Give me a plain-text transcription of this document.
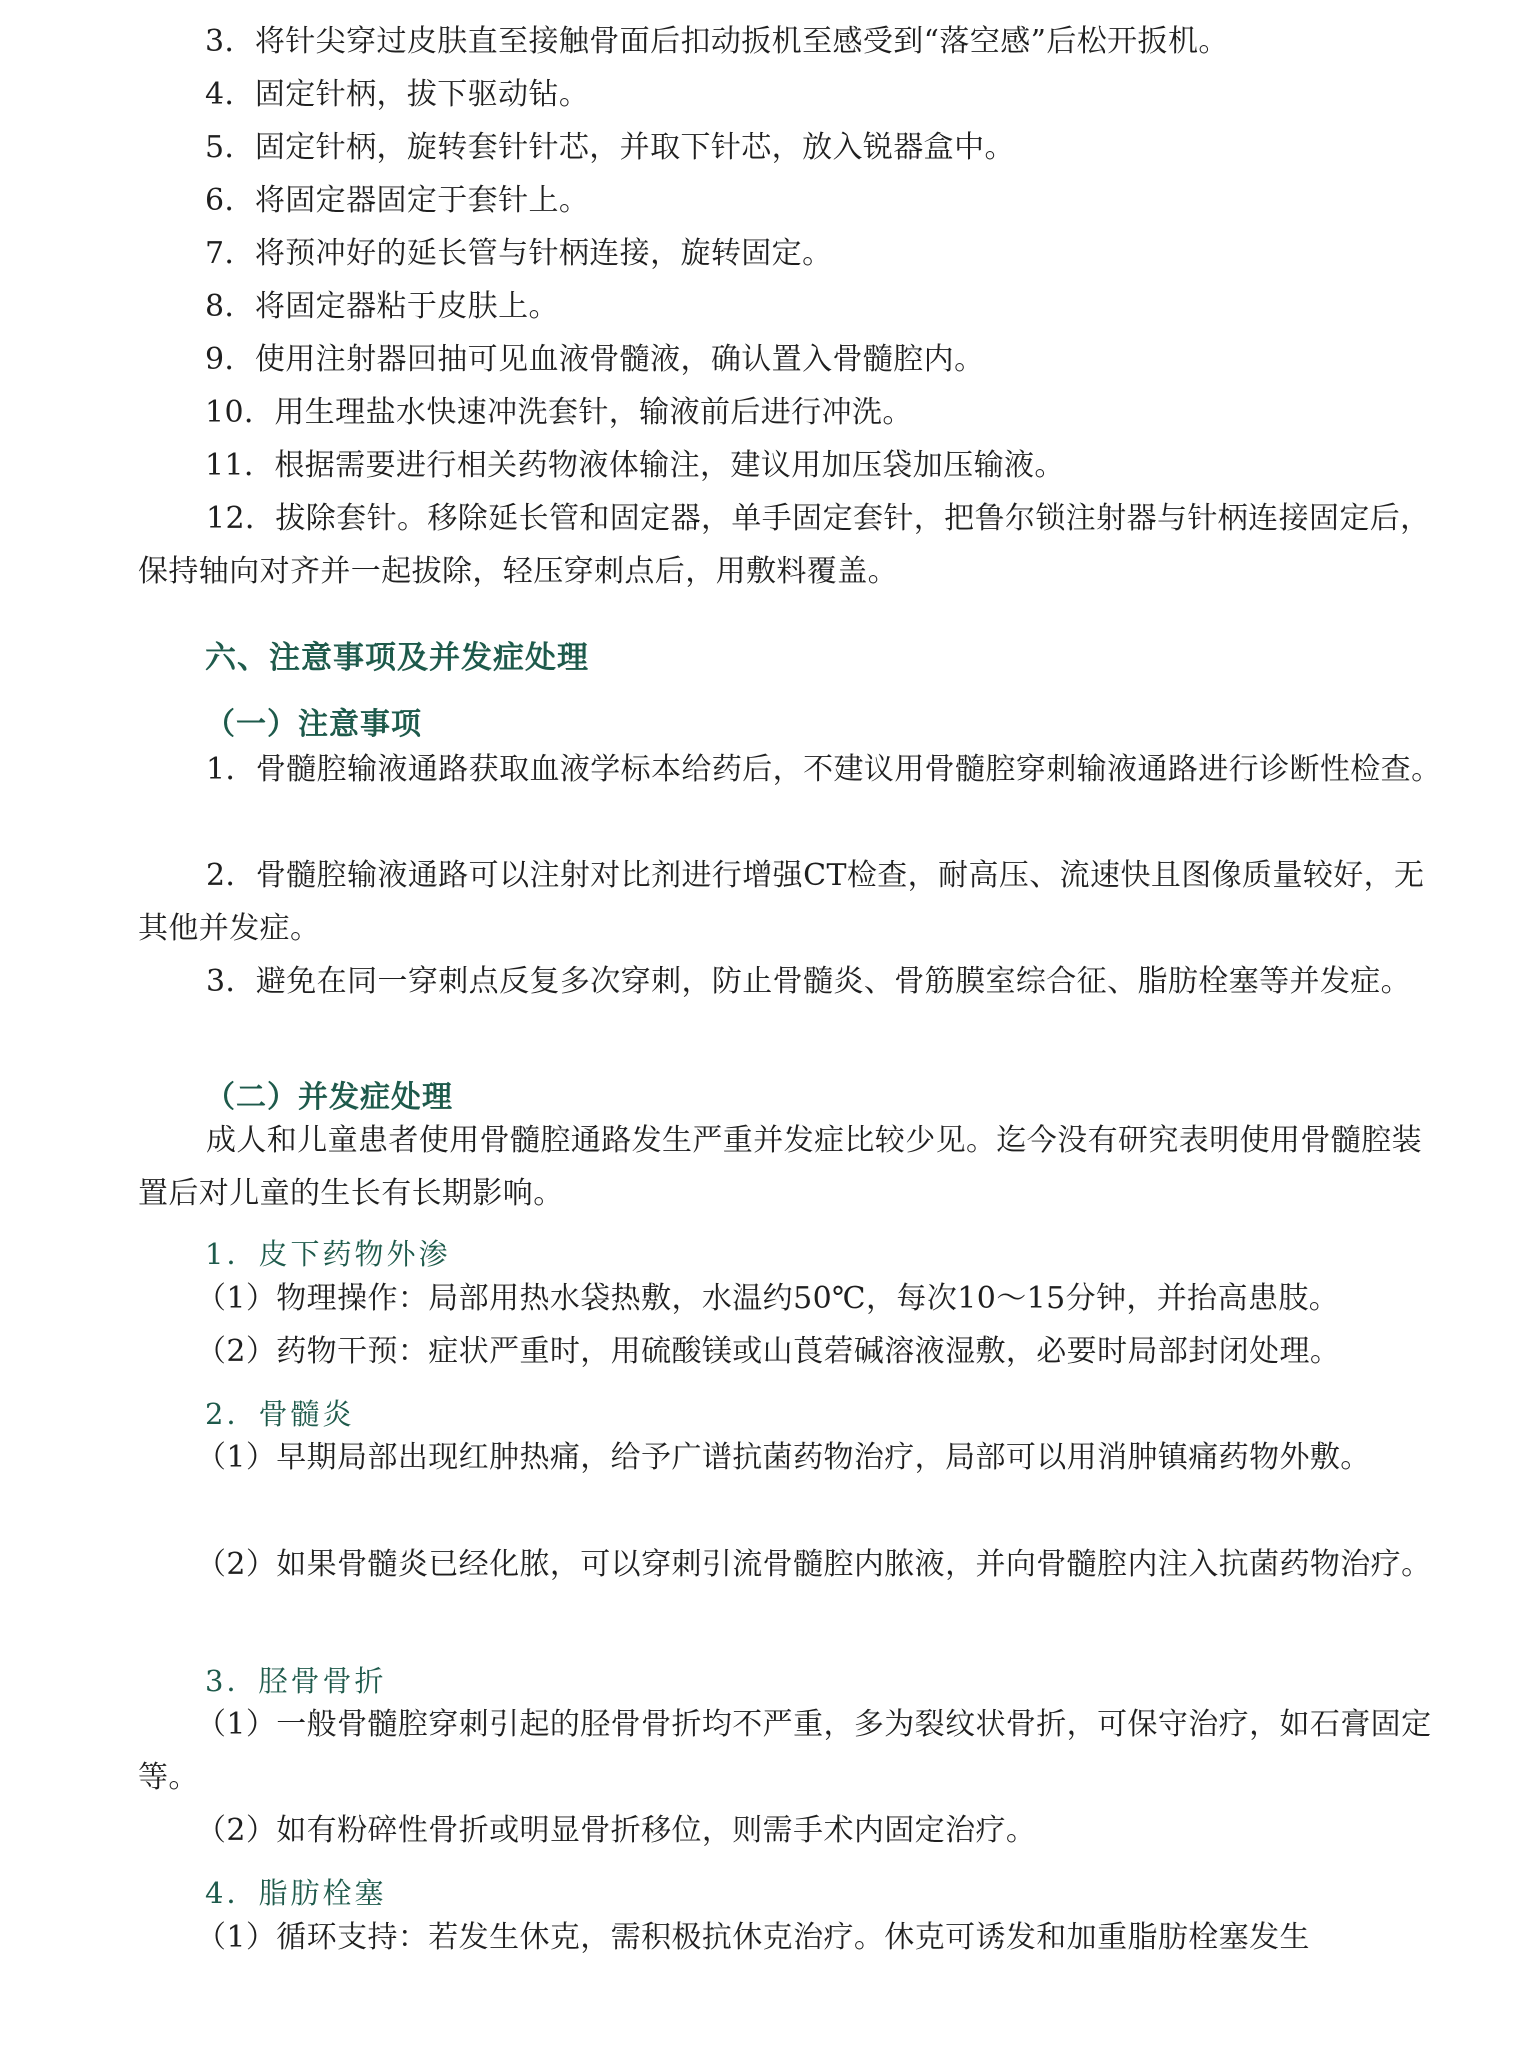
3．将针尖穿过皮肤直至接触骨面后扣动扳机至感受到“落空感”后松开扳机。

4．固定针柄，拔下驱动钻。

5．固定针柄，旋转套针针芯，并取下针芯，放入锐器盒中。

6．将固定器固定于套针上。

7．将预冲好的延长管与针柄连接，旋转固定。

8．将固定器粘于皮肤上。

9．使用注射器回抽可见血液骨髓液，确认置入骨髓腔内。

10．用生理盐水快速冲洗套针，输液前后进行冲洗。

11．根据需要进行相关药物液体输注，建议用加压袋加压输液。

12．拔除套针。移除延长管和固定器，单手固定套针，把鲁尔锁注射器与针柄连接固定后，保持轴向对齐并一起拔除，轻压穿刺点后，用敷料覆盖。

六、注意事项及并发症处理

（一）注意事项

1．骨髓腔输液通路获取血液学标本给药后，不建议用骨髓腔穿刺输液通路进行诊断性检查。

2．骨髓腔输液通路可以注射对比剂进行增强CT检查，耐高压、流速快且图像质量较好，无其他并发症。

3．避免在同一穿刺点反复多次穿刺，防止骨髓炎、骨筋膜室综合征、脂肪栓塞等并发症。

（二）并发症处理

成人和儿童患者使用骨髓腔通路发生严重并发症比较少见。迄今没有研究表明使用骨髓腔装置后对儿童的生长有长期影响。

1．皮下药物外渗

（1）物理操作：局部用热水袋热敷，水温约50℃，每次10～15分钟，并抬高患肢。

（2）药物干预：症状严重时，用硫酸镁或山莨菪碱溶液湿敷，必要时局部封闭处理。

2．骨髓炎

（1）早期局部出现红肿热痛，给予广谱抗菌药物治疗，局部可以用消肿镇痛药物外敷。

（2）如果骨髓炎已经化脓，可以穿刺引流骨髓腔内脓液，并向骨髓腔内注入抗菌药物治疗。

3．胫骨骨折

（1）一般骨髓腔穿刺引起的胫骨骨折均不严重，多为裂纹状骨折，可保守治疗，如石膏固定等。

（2）如有粉碎性骨折或明显骨折移位，则需手术内固定治疗。

4．脂肪栓塞

（1）循环支持：若发生休克，需积极抗休克治疗。休克可诱发和加重脂肪栓塞发生
